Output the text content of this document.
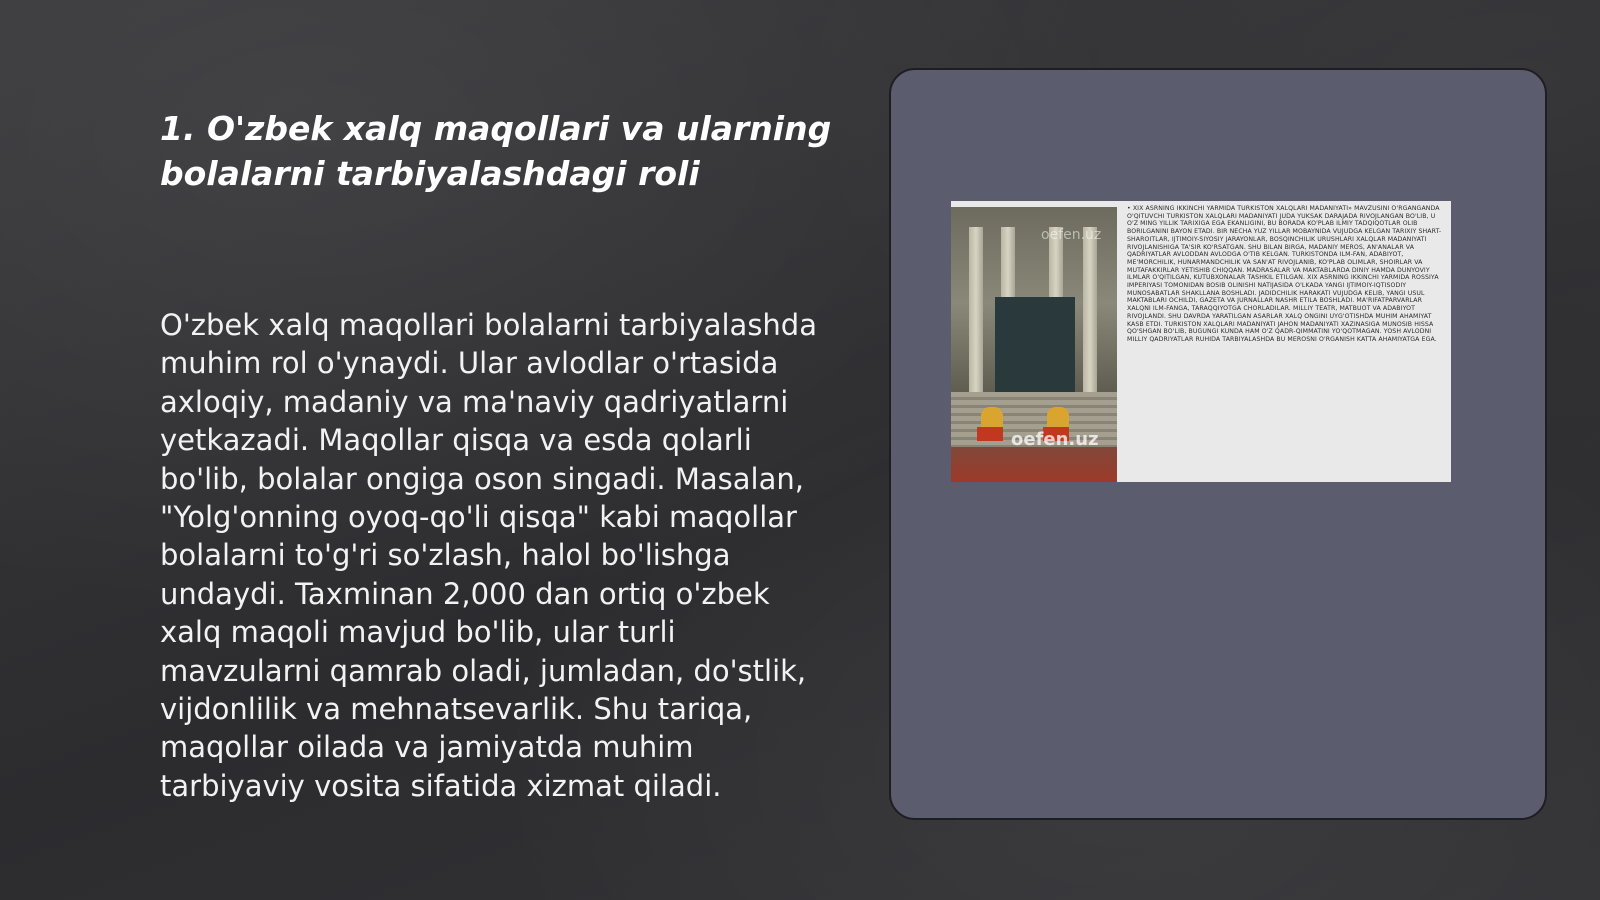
1. O'zbek xalq maqollari va ularning bolalarni tarbiyalashdagi roli

O'zbek xalq maqollari bolalarni tarbiyalashda muhim rol o'ynaydi. Ular avlodlar o'rtasida axloqiy, madaniy va ma'naviy qadriyatlarni yetkazadi. Maqollar qisqa va esda qolarli bo'lib, bolalar ongiga oson singadi. Masalan, "Yolg'onning oyoq-qo'li qisqa" kabi maqollar bolalarni to'g'ri so'zlash, halol bo'lishga undaydi. Taxminan 2,000 dan ortiq o'zbek xalq maqoli mavjud bo'lib, ular turli mavzularni qamrab oladi, jumladan, do'stlik, vijdonlilik va mehnatsevarlik. Shu tariqa, maqollar oilada va jamiyatda muhim tarbiyaviy vosita sifatida xizmat qiladi.

oefen.uz
oefen.uz
• XIX ASRNING IKKINCHI YARMIDA TURKISTON XALQLARI MADANIYATI» MAVZUSINI O'RGANGANDA O'QITUVCHI TURKISTON XALQLARI MADANIYATI JUDA YUKSAK DARAJADA RIVOJLANGAN BO'LIB, U O'Z MING YILLIK TARIXIGA EGA EKANLIGINI, BU BORADA KO'PLAB ILMIY TADQIQOTLAR OLIB BORILGANINI BAYON ETADI. BIR NECHA YUZ YILLAR MOBAYNIDA VUJUDGA KELGAN TARIXIY SHART-SHAROITLAR, IJTIMOIY-SIYOSIY JARAYONLAR, BOSQINCHILIK URUSHLARI XALQLAR MADANIYATI RIVOJLANISHIGA TA'SIR KO'RSATGAN. SHU BILAN BIRGA, MADANIY MEROS, AN'ANALAR VA QADRIYATLAR AVLODDAN AVLODGA O'TIB KELGAN. TURKISTONDA ILM-FAN, ADABIYOT, ME'MORCHILIK, HUNARMANDCHILIK VA SAN'AT RIVOJLANIB, KO'PLAB OLIMLAR, SHOIRLAR VA MUTAFAKKIRLAR YETISHIB CHIQQAN. MADRASALAR VA MAKTABLARDA DINIY HAMDA DUNYOVIY ILMLAR O'QITILGAN, KUTUBXONALAR TASHKIL ETILGAN. XIX ASRNING IKKINCHI YARMIDA ROSSIYA IMPERIYASI TOMONIDAN BOSIB OLINISHI NATIJASIDA O'LKADA YANGI IJTIMOIY-IQTISODIY MUNOSABATLAR SHAKLLANA BOSHLADI. JADIDCHILIK HARAKATI VUJUDGA KELIB, YANGI USUL MAKTABLARI OCHILDI, GAZETA VA JURNALLAR NASHR ETILA BOSHLADI. MA'RIFATPARVARLAR XALQNI ILM-FANGA, TARAQQIYOTGA CHORLADILAR. MILLIY TEATR, MATBUOT VA ADABIYOT RIVOJLANDI. SHU DAVRDA YARATILGAN ASARLAR XALQ ONGINI UYG'OTISHDA MUHIM AHAMIYAT KASB ETDI. TURKISTON XALQLARI MADANIYATI JAHON MADANIYATI XAZINASIGA MUNOSIB HISSA QO'SHGAN BO'LIB, BUGUNGI KUNDA HAM O'Z QADR-QIMMATINI YO'QOTMAGAN. YOSH AVLODNI MILLIY QADRIYATLAR RUHIDA TARBIYALASHDA BU MEROSNI O'RGANISH KATTA AHAMIYATGA EGA.
